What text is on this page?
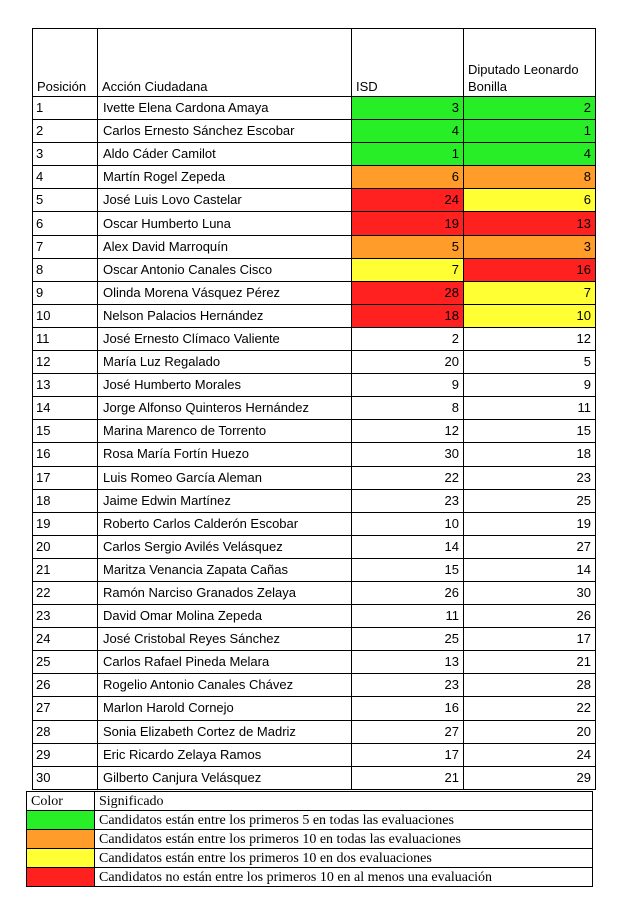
Posición	Acción Ciudadana	ISD	Diputado Leonardo Bonilla
1	Ivette Elena Cardona Amaya	3	2
2	Carlos Ernesto Sánchez Escobar	4	1
3	Aldo Cáder Camilot	1	4
4	Martín Rogel Zepeda	6	8
5	José Luis Lovo Castelar	24	6
6	Oscar Humberto Luna	19	13
7	Alex David Marroquín	5	3
8	Oscar Antonio Canales Cisco	7	16
9	Olinda Morena Vásquez Pérez	28	7
10	Nelson Palacios Hernández	18	10
11	José Ernesto Clímaco Valiente	2	12
12	María Luz Regalado	20	5
13	José Humberto Morales	9	9
14	Jorge Alfonso Quinteros Hernández	8	11
15	Marina Marenco de Torrento	12	15
16	Rosa María Fortín Huezo	30	18
17	Luis Romeo García Aleman	22	23
18	Jaime Edwin Martínez	23	25
19	Roberto Carlos Calderón Escobar	10	19
20	Carlos Sergio Avilés Velásquez	14	27
21	Maritza Venancia Zapata Cañas	15	14
22	Ramón Narciso Granados Zelaya	26	30
23	David Omar Molina Zepeda	11	26
24	José Cristobal Reyes Sánchez	25	17
25	Carlos Rafael Pineda Melara	13	21
26	Rogelio Antonio Canales Chávez	23	28
27	Marlon Harold Cornejo	16	22
28	Sonia Elizabeth Cortez de Madriz	27	20
29	Eric Ricardo Zelaya Ramos	17	24
30	Gilberto Canjura Velásquez	21	29
Color	Significado
	Candidatos están entre los primeros 5 en todas las evaluaciones
	Candidatos están entre los primeros 10 en todas las evaluaciones
	Candidatos están entre los primeros 10 en dos evaluaciones
	Candidatos no están entre los primeros 10 en al menos una evaluación
